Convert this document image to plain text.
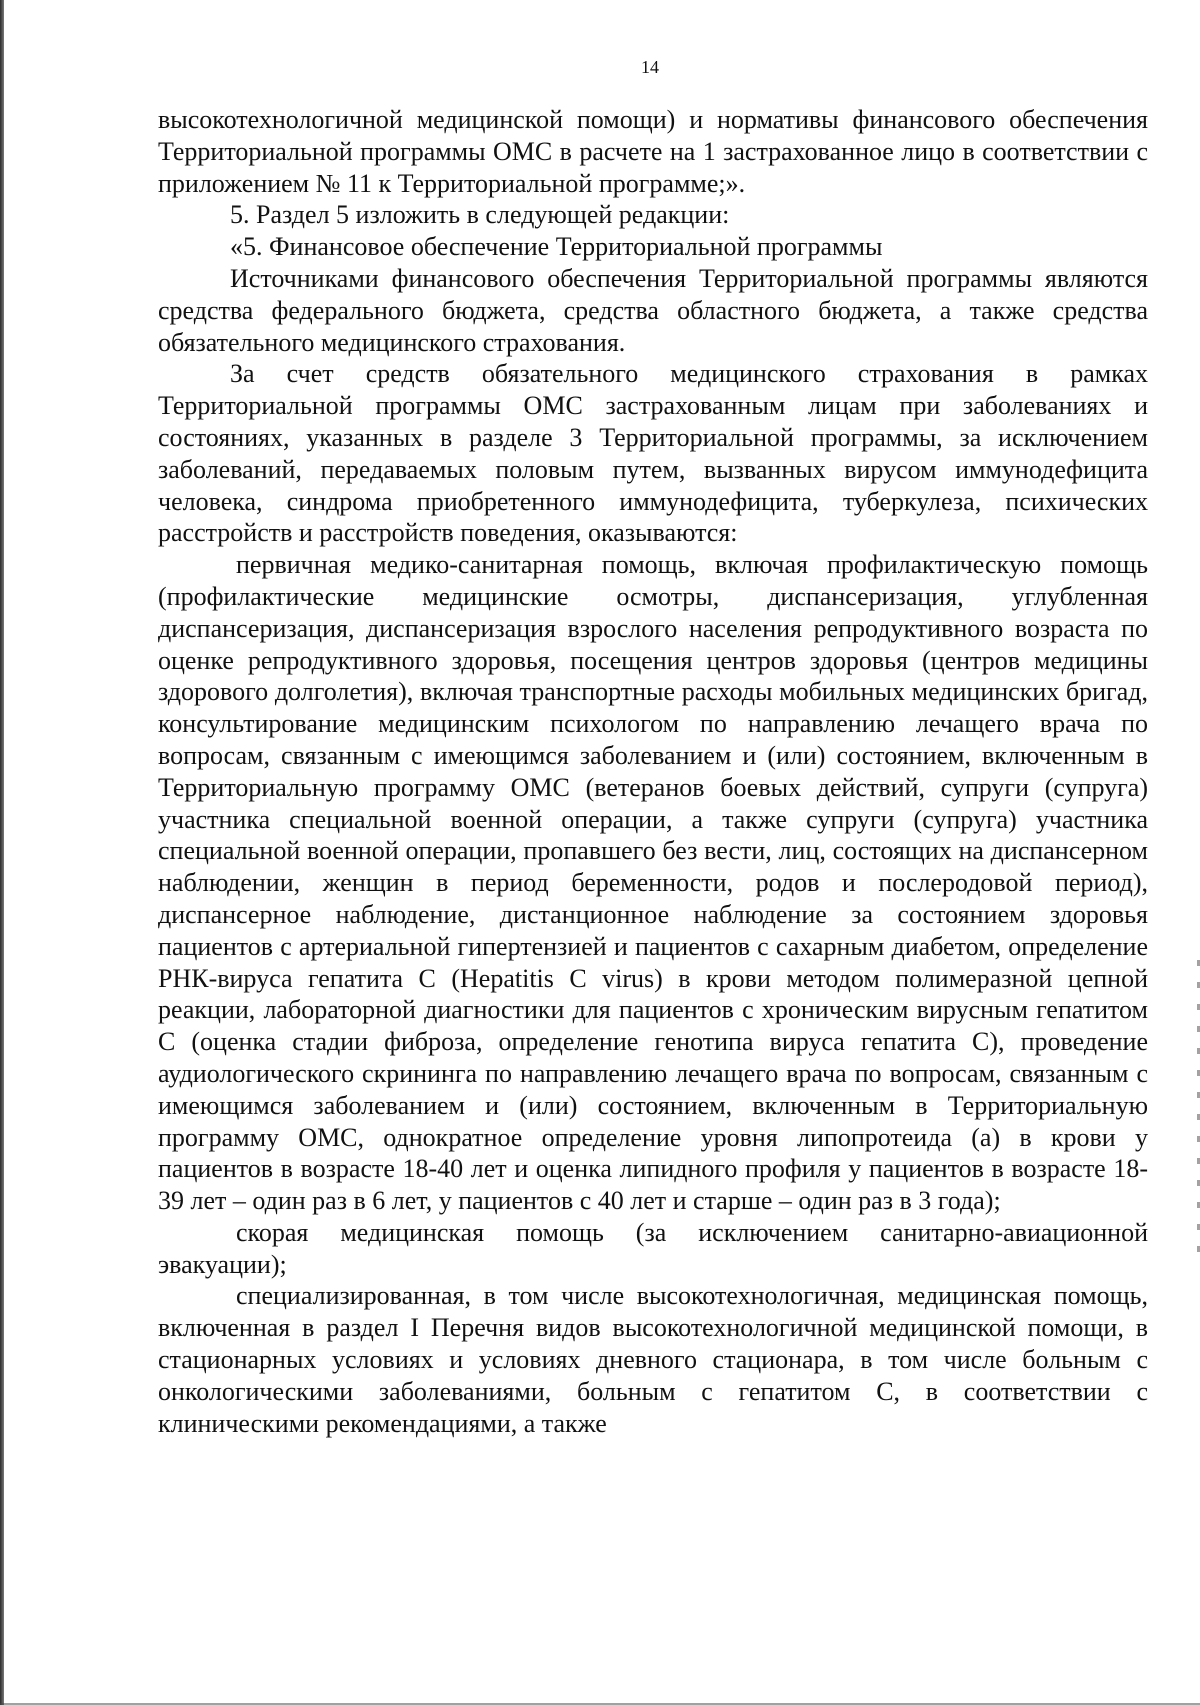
14

высокотехнологичной медицинской помощи) и нормативы финансового обеспечения Территориальной программы ОМС в расчете на 1 застрахованное лицо в соответствии с приложением № 11 к Территориальной программе;».

5. Раздел 5 изложить в следующей редакции:

«5. Финансовое обеспечение Территориальной программы

Источниками финансового обеспечения Территориальной программы являются средства федерального бюджета, средства областного бюджета, а также средства обязательного медицинского страхования.

За счет средств обязательного медицинского страхования в рамках Территориальной программы ОМС застрахованным лицам при заболеваниях и состояниях, указанных в разделе 3 Территориальной программы, за исключением заболеваний, передаваемых половым путем, вызванных вирусом иммунодефицита человека, синдрома приобретенного иммунодефицита, туберкулеза, психических расстройств и расстройств поведения, оказываются:

первичная медико-санитарная помощь, включая профилактическую помощь (профилактические медицинские осмотры, диспансеризация, углубленная диспансеризация, диспансеризация взрослого населения репродуктивного возраста по оценке репродуктивного здоровья, посещения центров здоровья (центров медицины здорового долголетия), включая транспортные расходы мобильных медицинских бригад, консультирование медицинским психологом по направлению лечащего врача по вопросам, связанным с имеющимся заболеванием и (или) состоянием, включенным в Территориальную программу ОМС (ветеранов боевых действий, супруги (супруга) участника специальной военной операции, а также супруги (супруга) участника специальной военной операции, пропавшего без вести, лиц, состоящих на диспансерном наблюдении, женщин в период беременности, родов и послеродовой период), диспансерное наблюдение, дистанционное наблюдение за состоянием здоровья пациентов с артериальной гипертензией и пациентов с сахарным диабетом, определение РНК-вируса гепатита С (Hepatitis C virus) в крови методом полимеразной цепной реакции, лабораторной диагностики для пациентов с хроническим вирусным гепатитом С (оценка стадии фиброза, определение генотипа вируса гепатита С), проведение аудиологического скрининга по направлению лечащего врача по вопросам, связанным с имеющимся заболеванием и (или) состоянием, включенным в Территориальную программу ОМС, однократное определение уровня липопротеида (а) в крови у пациентов в возрасте 18-40 лет и оценка липидного профиля у пациентов в возрасте 18-39 лет – один раз в 6 лет, у пациентов с 40 лет и старше – один раз в 3 года);

скорая медицинская помощь (за исключением санитарно-авиационной эвакуации);

специализированная, в том числе высокотехнологичная, медицинская помощь, включенная в раздел I Перечня видов высокотехнологичной медицинской помощи, в стационарных условиях и условиях дневного стационара, в том числе больным с онкологическими заболеваниями, больным с гепатитом С, в соответствии с клиническими рекомендациями, а также
